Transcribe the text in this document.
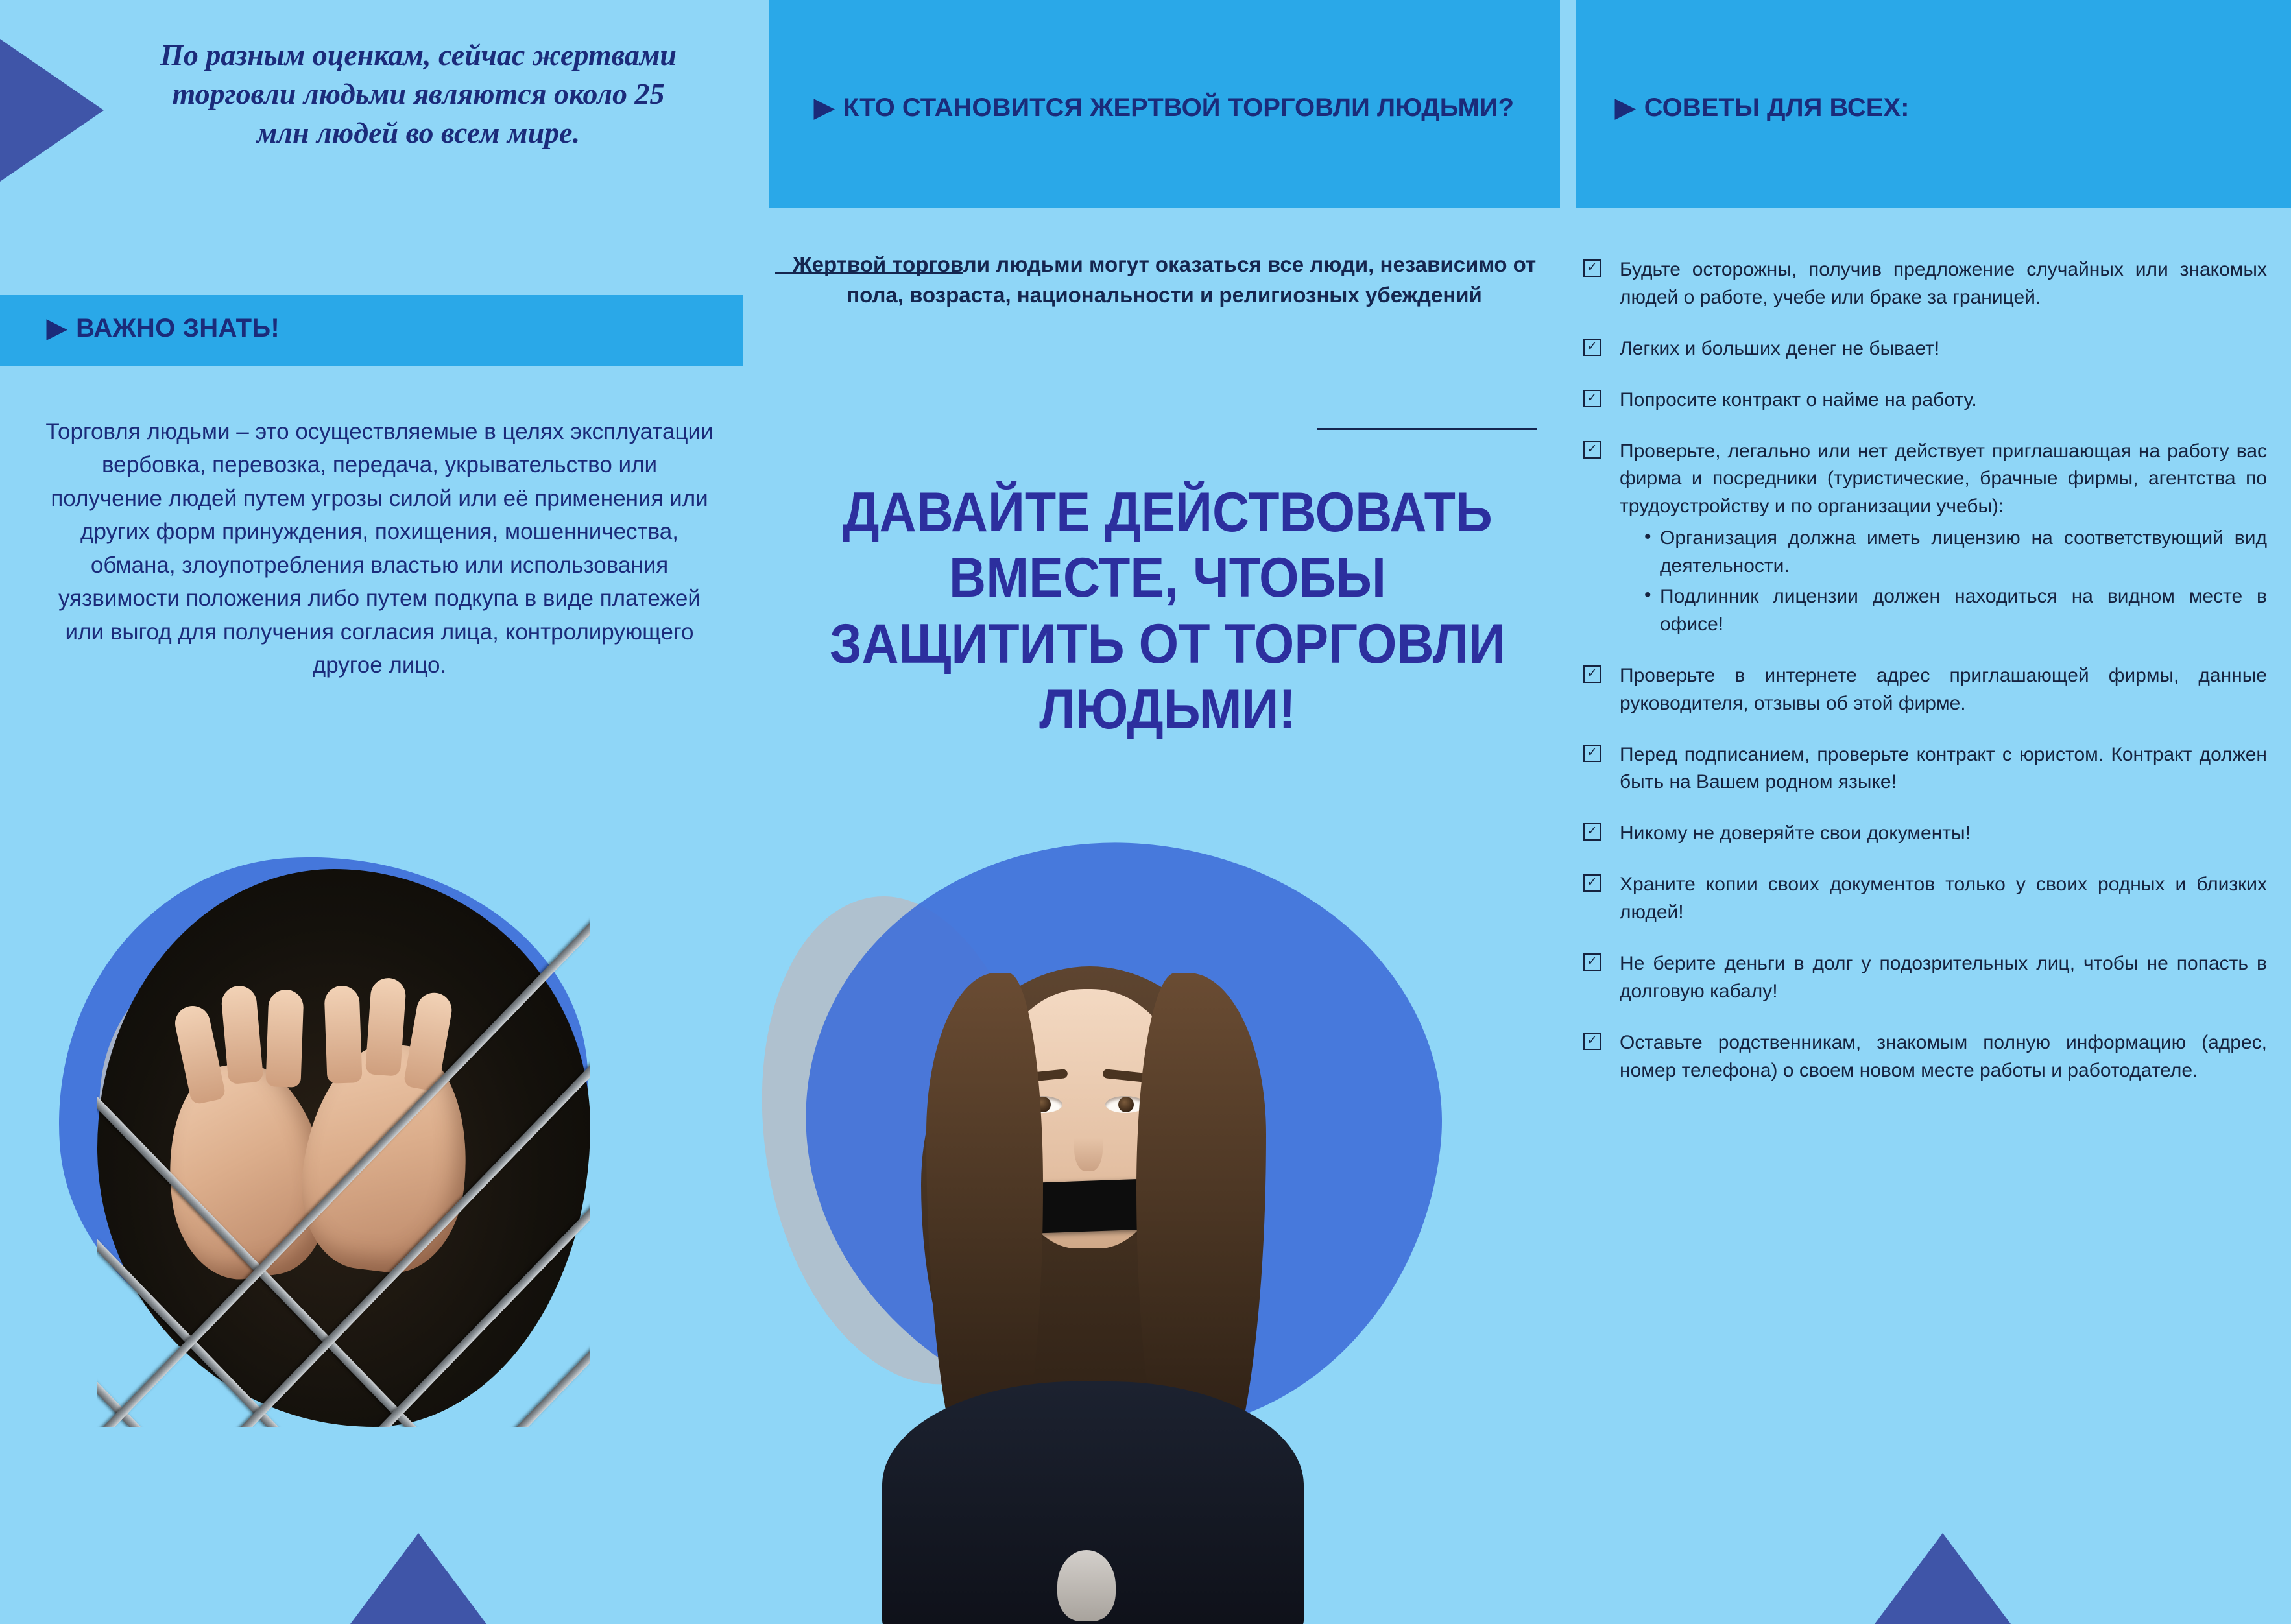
По разным оценкам, сейчас жертвами торговли людьми являются около 25 млн людей во всем мире.
▶ ВАЖНО ЗНАТЬ!
Торговля людьми – это осуществляемые в целях эксплуатации вербовка, перевозка, передача, укрывательство или получение людей путем угрозы силой или её применения или других форм принуждения, похищения, мошенничества, обмана, злоупотребления властью или использования уязвимости положения либо путем подкупа в виде платежей или выгод для получения согласия лица, контролирующего другое лицо.
▶ КТО СТАНОВИТСЯ ЖЕРТВОЙ ТОРГОВЛИ ЛЮДЬМИ?
Жертвой торговли людьми могут оказаться все люди, независимо от пола, возраста, национальности и религиозных убеждений
ДАВАЙТЕ ДЕЙСТВОВАТЬ ВМЕСТЕ, ЧТОБЫ ЗАЩИТИТЬ ОТ ТОРГОВЛИ ЛЮДЬМИ!
▶ СОВЕТЫ ДЛЯ ВСЕХ:
✓ Будьте осторожны, получив предложение случайных или знакомых людей о работе, учебе или браке за границей.
✓ Легких и больших денег не бывает!
✓ Попросите контракт о найме на работу.
✓ Проверьте, легально или нет действует приглашающая на работу вас фирма и посредники (туристические, брачные фирмы, агентства по трудоустройству и по организации учебы):
• Организация должна иметь лицензию на соответствующий вид деятельности.
• Подлинник лицензии должен находиться на видном месте в офисе!
✓ Проверьте в интернете адрес приглашающей фирмы, данные руководителя, отзывы об этой фирме.
✓ Перед подписанием, проверьте контракт с юристом. Контракт должен быть на Вашем родном языке!
✓ Никому не доверяйте свои документы!
✓ Храните копии своих документов только у своих родных и близких людей!
✓ Не берите деньги в долг у подозрительных лиц, чтобы не попасть в долговую кабалу!
✓ Оставьте родственникам, знакомым полную информацию (адрес, номер телефона) о своем новом месте работы и работодателе.
